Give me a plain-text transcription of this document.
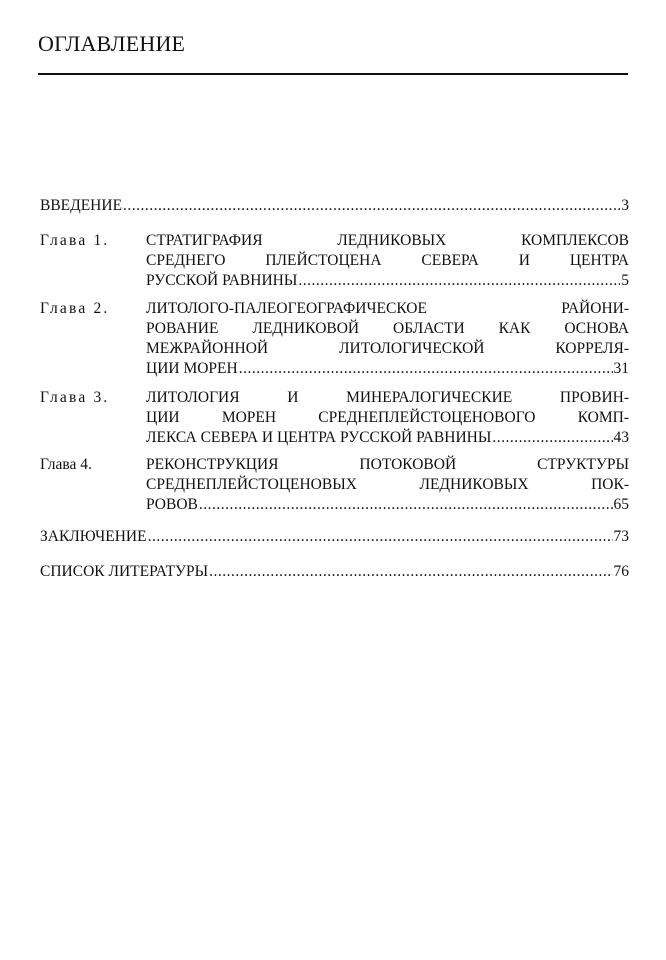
ОГЛАВЛЕНИЕ
ВВЕДЕНИЕ .....	3
Глава 1. СТРАТИГРАФИЯ ЛЕДНИКОВЫХ КОМПЛЕКСОВ
СРЕДНЕГО ПЛЕЙСТОЦЕНА СЕВЕРА И ЦЕНТРА
РУССКОЙ РАВНИНЫ .....	5
Глава 2. ЛИТОЛОГО-ПАЛЕОГЕОГРАФИЧЕСКОЕ РАЙОНИ-
РОВАНИЕ ЛЕДНИКОВОЙ ОБЛАСТИ КАК ОСНОВА
МЕЖРАЙОННОЙ ЛИТОЛОГИЧЕСКОЙ КОРРЕЛЯ-
ЦИИ МОРЕН .....	31
Глава 3. ЛИТОЛОГИЯ И МИНЕРАЛОГИЧЕСКИЕ ПРОВИН-
ЦИИ МОРЕН СРЕДНЕПЛЕЙСТОЦЕНОВОГО КОМП-
ЛЕКСА СЕВЕРА И ЦЕНТРА РУССКОЙ РАВНИНЫ .....	43
Глава 4.	РЕКОНСТРУКЦИЯ ПОТОКОВОЙ СТРУКТУРЫ
СРЕДНЕПЛЕЙСТОЦЕНОВЫХ ЛЕДНИКОВЫХ ПОК-
РОВОВ .....	65
ЗАКЛЮЧЕНИЕ .....	73
СПИСОК ЛИТЕРАТУРЫ .....	76
